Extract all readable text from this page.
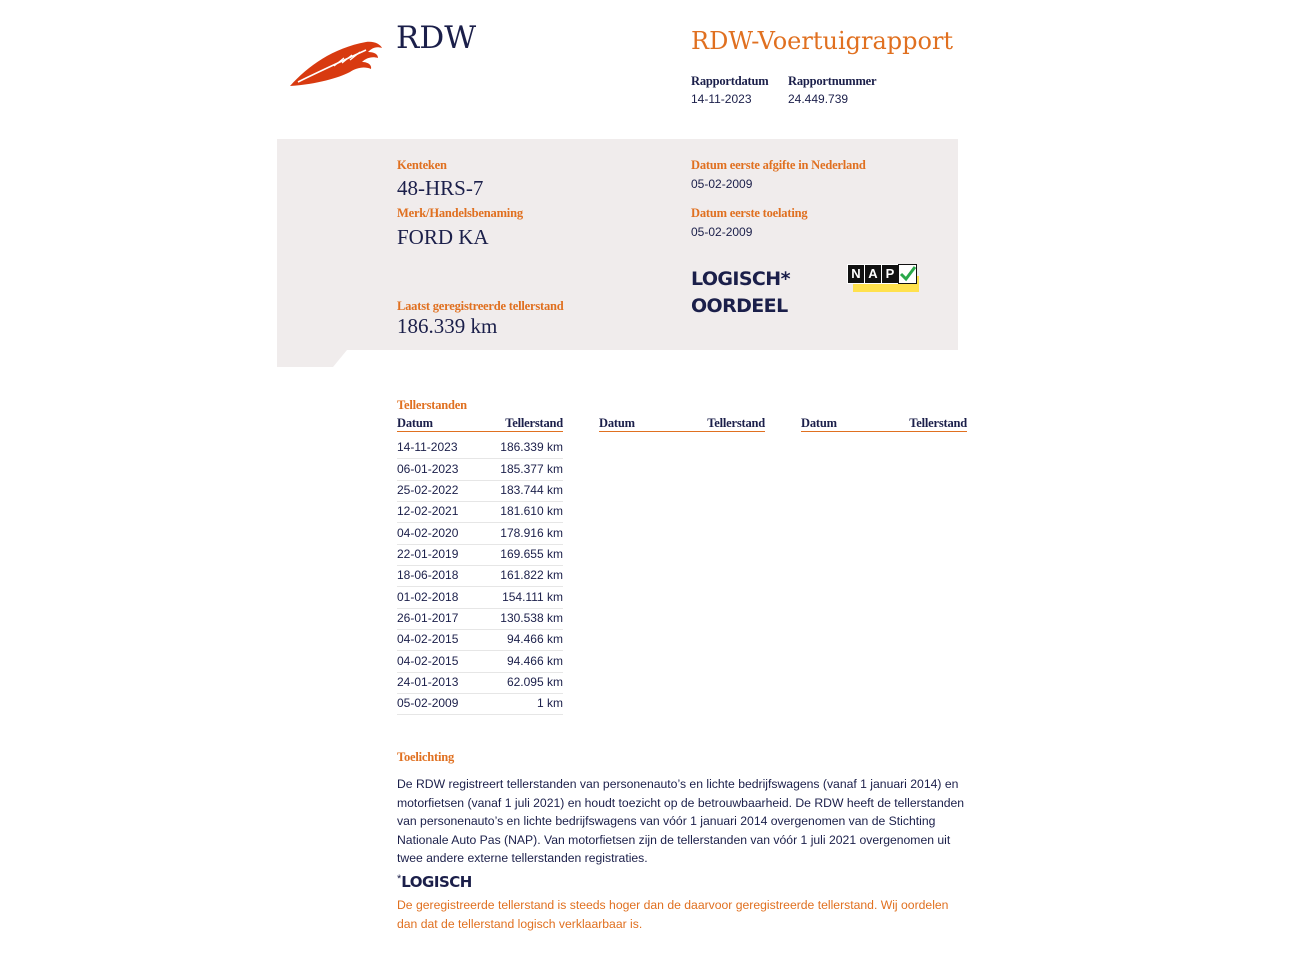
RDW	RDW-Voertuigrapport
Rapportdatum
14-11-2023
Rapportnummer
24.449.739
Kenteken
48-HRS-7
Merk/Handelsbenaming
FORD KA
Laatst geregistreerde tellerstand
186.339 km
Datum eerste afgifte in Nederland
05-02-2009
Datum eerste toelating
05-02-2009
LOGISCH*
OORDEEL
N A P
Tellerstanden
Datum	Tellerstand	Datum	Tellerstand	Datum	Tellerstand
14-11-2023	186.339 km
06-01-2023	185.377 km
25-02-2022	183.744 km
12-02-2021	181.610 km
04-02-2020	178.916 km
22-01-2019	169.655 km
18-06-2018	161.822 km
01-02-2018	154.111 km
26-01-2017	130.538 km
04-02-2015	94.466 km
04-02-2015	94.466 km
24-01-2013	62.095 km
05-02-2009	1 km
Toelichting
De RDW registreert tellerstanden van personenauto’s en lichte bedrijfswagens (vanaf 1 januari 2014) en motorfietsen (vanaf 1 juli 2021) en houdt toezicht op de betrouwbaarheid. De RDW heeft de tellerstanden van personenauto’s en lichte bedrijfswagens van vóór 1 januari 2014 overgenomen van de Stichting Nationale Auto Pas (NAP). Van motorfietsen zijn de tellerstanden van vóór 1 juli 2021 overgenomen uit twee andere externe tellerstanden registraties.
*LOGISCH
De geregistreerde tellerstand is steeds hoger dan de daarvoor geregistreerde tellerstand. Wij oordelen dan dat de tellerstand logisch verklaarbaar is.
